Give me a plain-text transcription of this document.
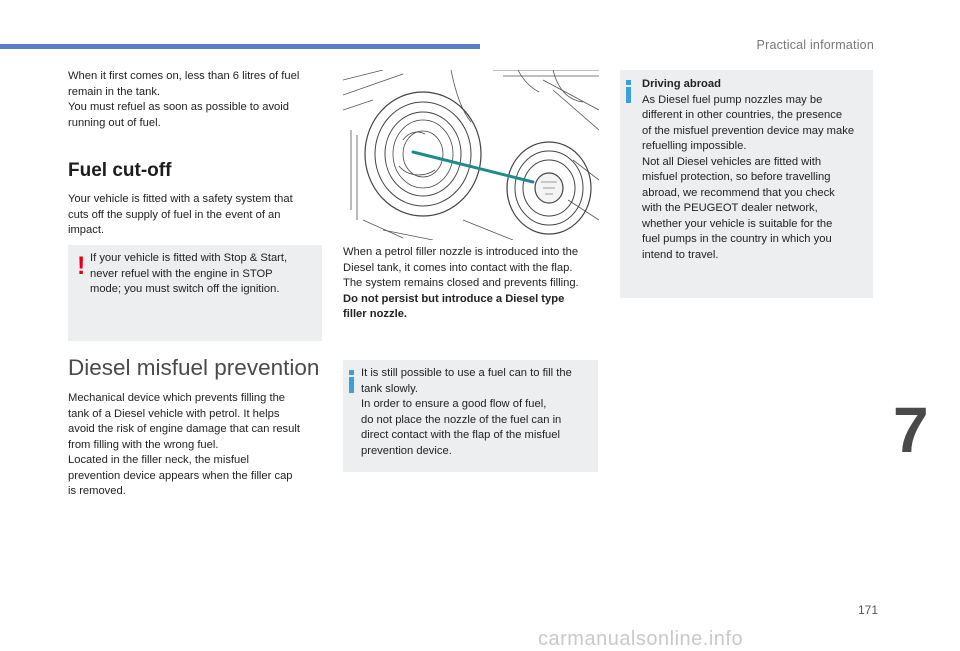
Practical information
When it first comes on, less than 6 litres of fuel
remain in the tank.
You must refuel as soon as possible to avoid
running out of fuel.
Fuel cut-off
Your vehicle is fitted with a safety system that
cuts off the supply of fuel in the event of an
impact.
! If your vehicle is fitted with Stop & Start,
never refuel with the engine in STOP
mode; you must switch off the ignition.
Diesel misfuel prevention
Mechanical device which prevents filling the
tank of a Diesel vehicle with petrol. It helps
avoid the risk of engine damage that can result
from filling with the wrong fuel.
Located in the filler neck, the misfuel
prevention device appears when the filler cap
is removed.
When a petrol filler nozzle is introduced into the
Diesel tank, it comes into contact with the flap.
The system remains closed and prevents filling.
Do not persist but introduce a Diesel type
filler nozzle.
It is still possible to use a fuel can to fill the
tank slowly.
In order to ensure a good flow of fuel,
do not place the nozzle of the fuel can in
direct contact with the flap of the misfuel
prevention device.
Driving abroad
As Diesel fuel pump nozzles may be
different in other countries, the presence
of the misfuel prevention device may make
refuelling impossible.
Not all Diesel vehicles are fitted with
misfuel protection, so before travelling
abroad, we recommend that you check
with the PEUGEOT dealer network,
whether your vehicle is suitable for the
fuel pumps in the country in which you
intend to travel.
7
171
carmanualsonline.info
